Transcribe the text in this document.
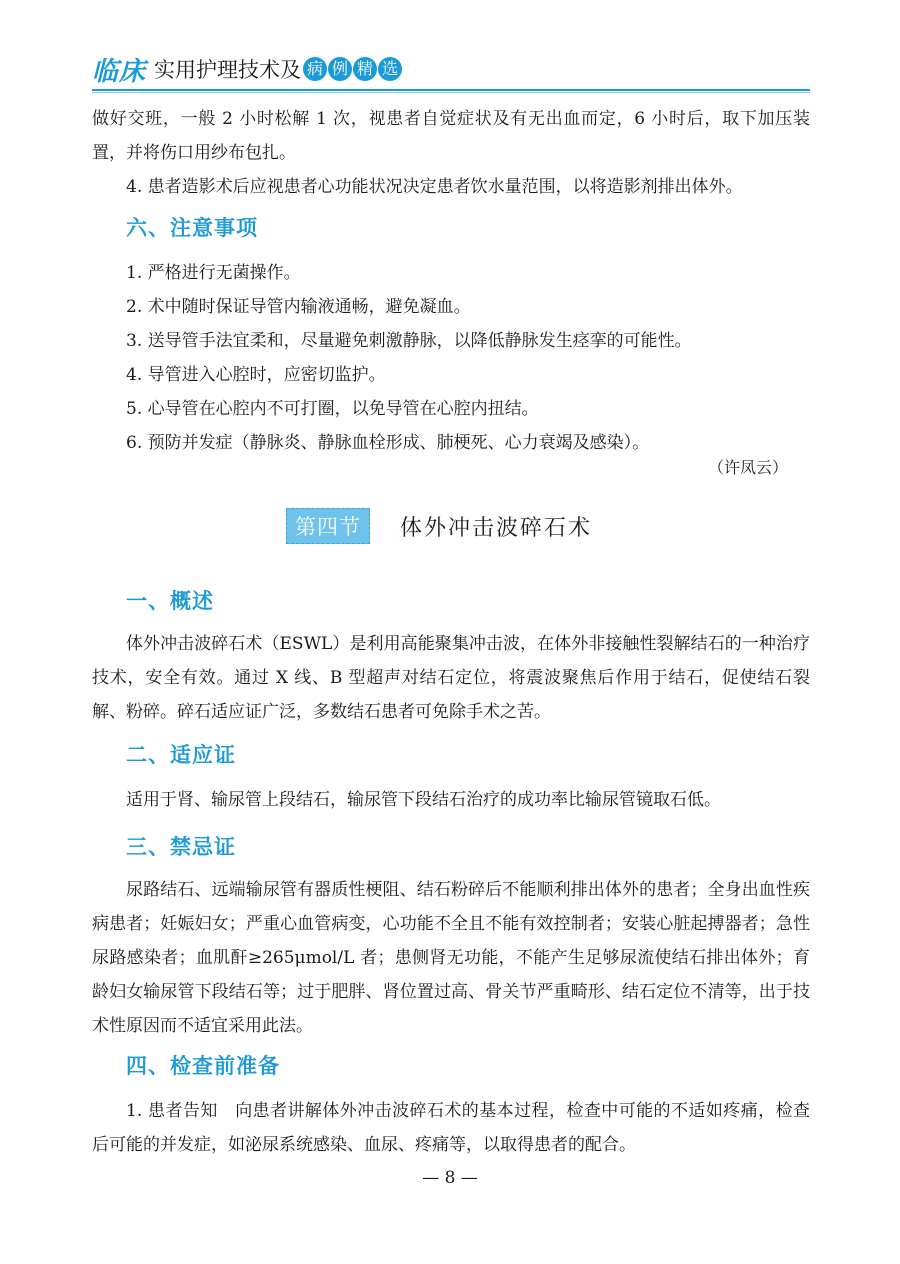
临床 实用护理技术及 病 例 精 选

做好交班，一般 2 小时松解 1 次，视患者自觉症状及有无出血而定，6 小时后，取下加压装置，并将伤口用纱布包扎。

4. 患者造影术后应视患者心功能状况决定患者饮水量范围，以将造影剂排出体外。

六、注意事项

1. 严格进行无菌操作。

2. 术中随时保证导管内输液通畅，避免凝血。

3. 送导管手法宜柔和，尽量避免刺激静脉，以降低静脉发生痉挛的可能性。

4. 导管进入心腔时，应密切监护。

5. 心导管在心腔内不可打圈，以免导管在心腔内扭结。

6. 预防并发症（静脉炎、静脉血栓形成、肺梗死、心力衰竭及感染）。

（许凤云）
第四节	体外冲击波碎石术
一、概述

体外冲击波碎石术（ESWL）是利用高能聚集冲击波，在体外非接触性裂解结石的一种治疗技术，安全有效。通过 X 线、B 型超声对结石定位，将震波聚焦后作用于结石，促使结石裂解、粉碎。碎石适应证广泛，多数结石患者可免除手术之苦。

二、适应证

适用于肾、输尿管上段结石，输尿管下段结石治疗的成功率比输尿管镜取石低。

三、禁忌证

尿路结石、远端输尿管有器质性梗阻、结石粉碎后不能顺利排出体外的患者；全身出血性疾病患者；妊娠妇女；严重心血管病变，心功能不全且不能有效控制者；安装心脏起搏器者；急性尿路感染者；血肌酐≥265μmol/L 者；患侧肾无功能，不能产生足够尿流使结石排出体外；育龄妇女输尿管下段结石等；过于肥胖、肾位置过高、骨关节严重畸形、结石定位不清等，出于技术性原因而不适宜采用此法。

四、检查前准备

1. 患者告知　向患者讲解体外冲击波碎石术的基本过程，检查中可能的不适如疼痛，检查后可能的并发症，如泌尿系统感染、血尿、疼痛等，以取得患者的配合。

— 8 —
